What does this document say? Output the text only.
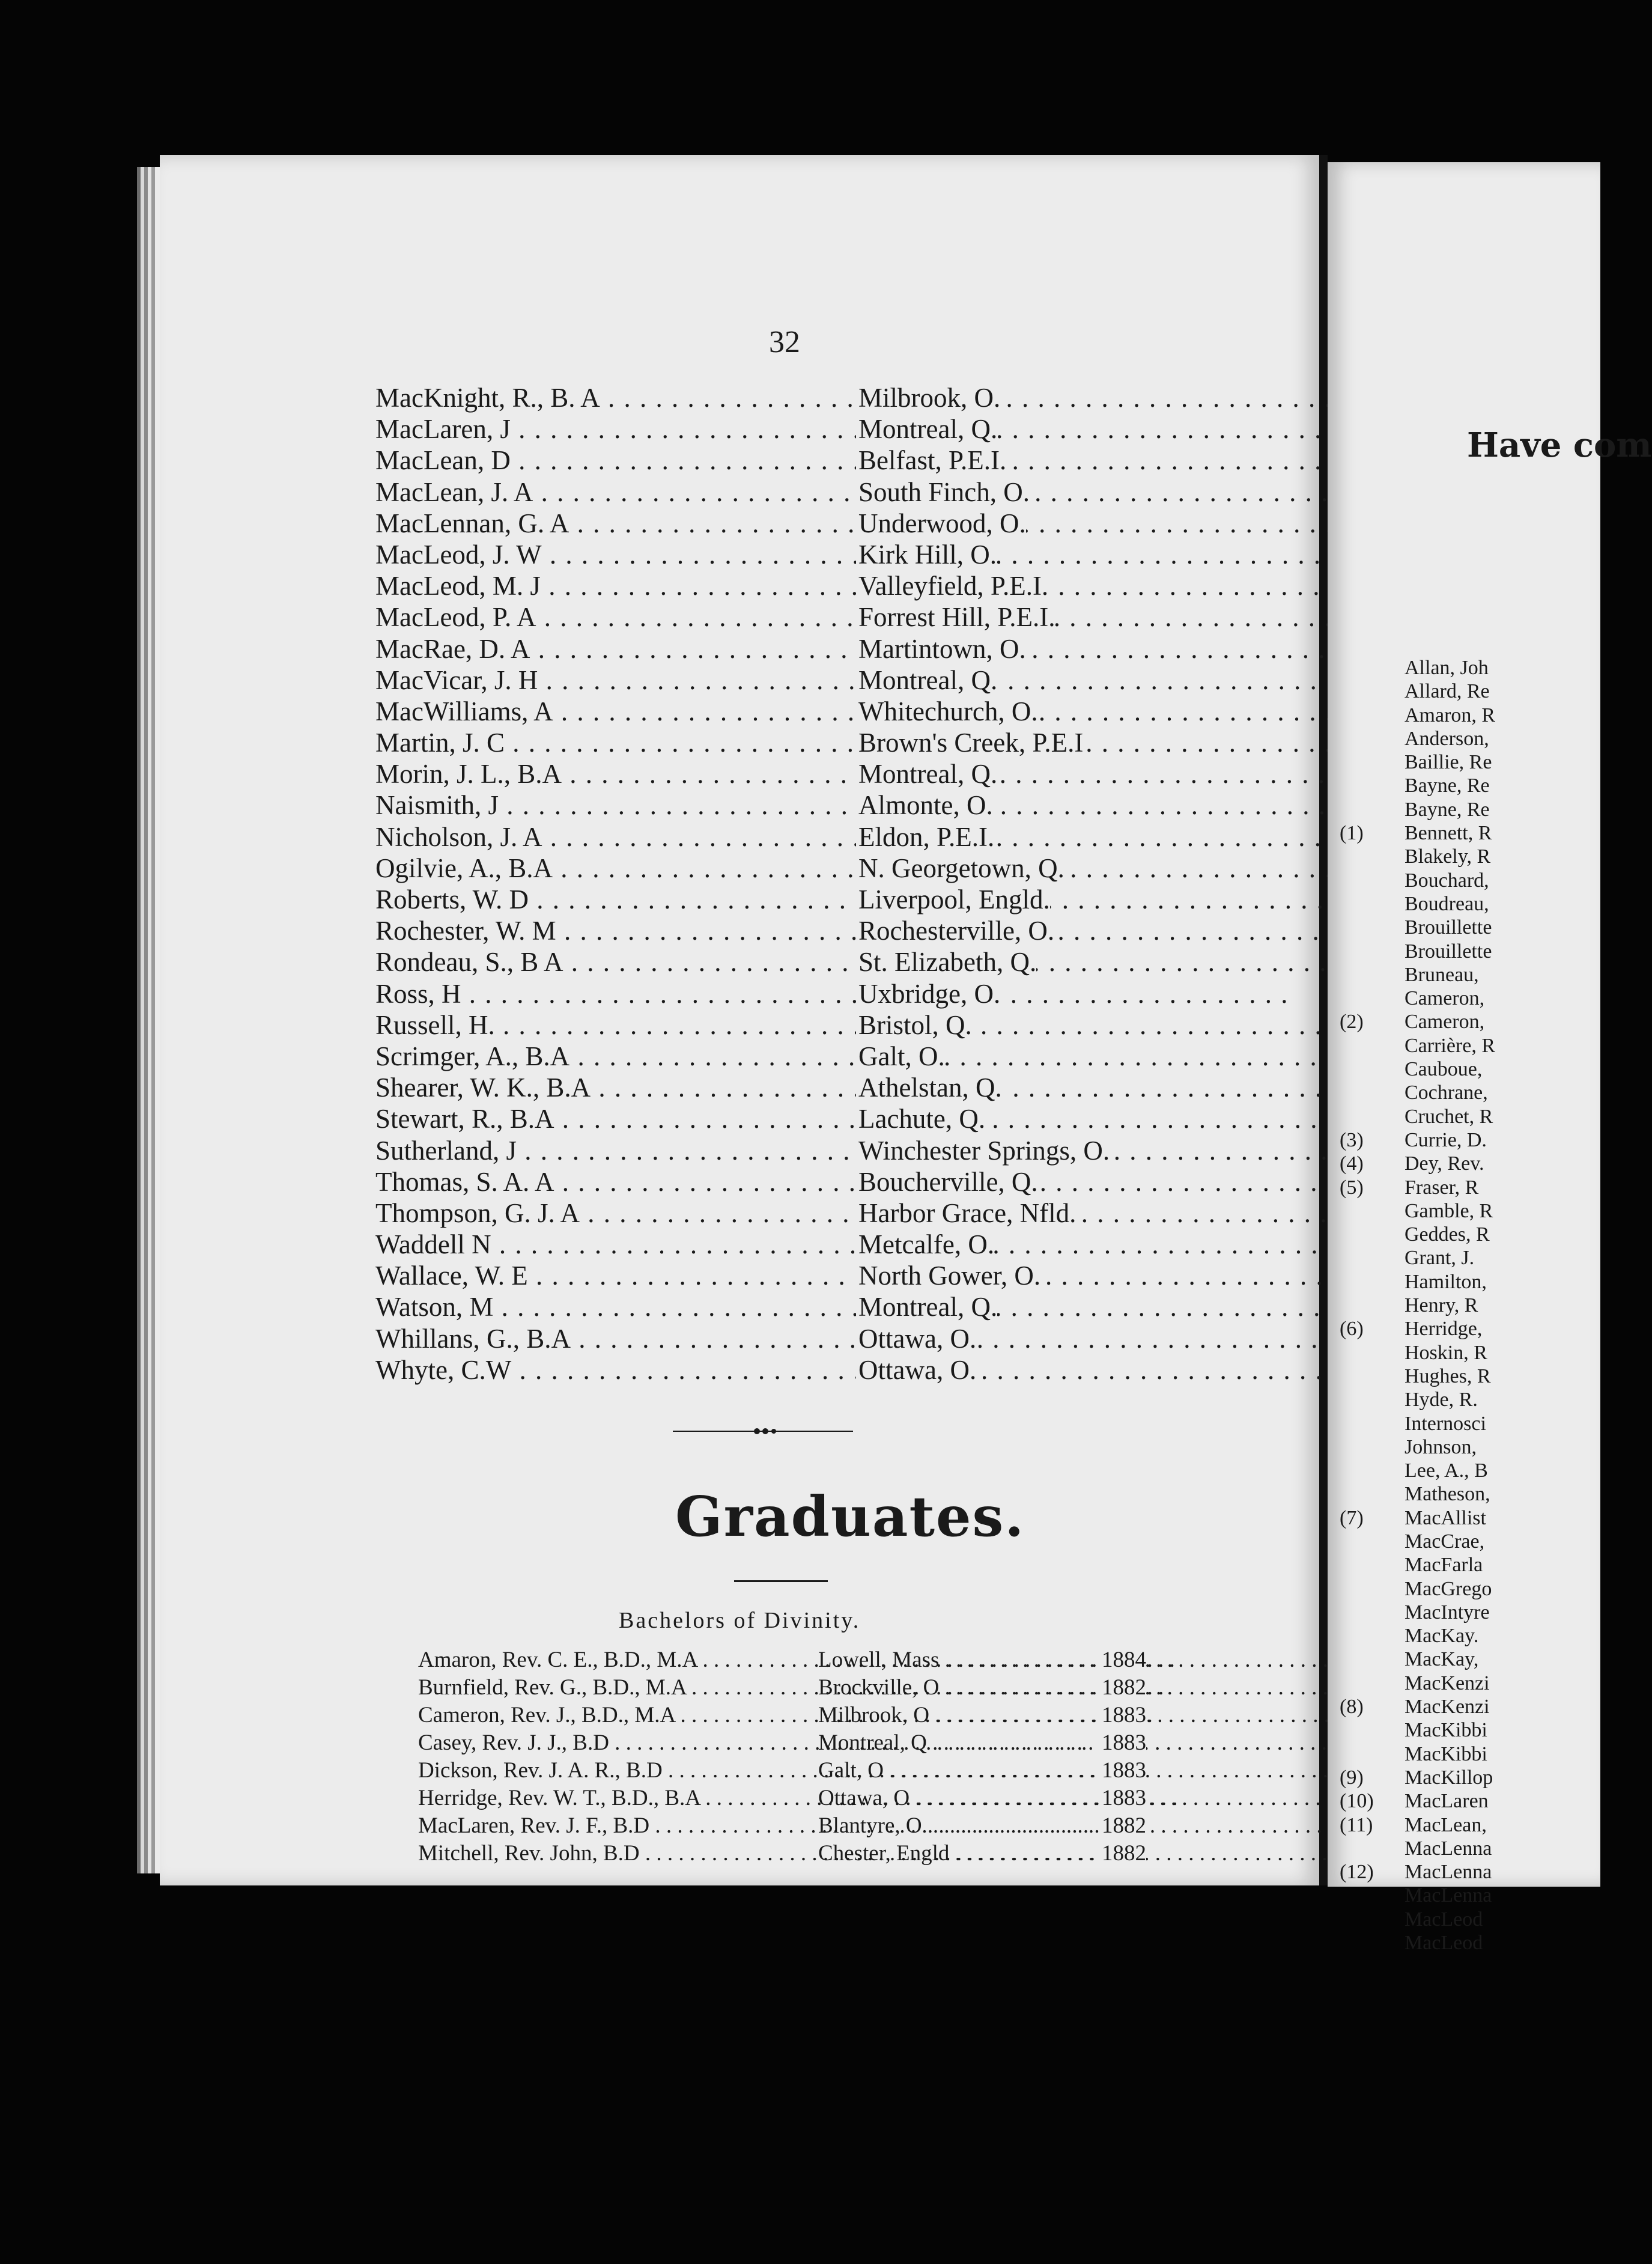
32
MacKnight, R., B. A . . .	Milbrook, O.
MacLaren, J . . .	Montreal, Q.
MacLean, D . . .	Belfast, P.E.I.
MacLean, J. A . . .	South Finch, O.
MacLennan, G. A . . .	Underwood, O.
MacLeod, J. W . . .	Kirk Hill, O.
MacLeod, M. J . . .	Valleyfield, P.E.I.
MacLeod, P. A . . .	Forrest Hill, P.E.I.
MacRae, D. A . . .	Martintown, O.
MacVicar, J. H . . .	Montreal, Q.
MacWilliams, A . . .	Whitechurch, O.
Martin, J. C . . .	Brown's Creek, P.E.I
Morin, J. L., B.A . . .	Montreal, Q.
Naismith, J . . .	Almonte, O.
Nicholson, J. A . . .	Eldon, P.E.I.
Ogilvie, A., B.A . . .	N. Georgetown, Q.
Roberts, W. D . . .	Liverpool, Engld.
Rochester, W. M . . .	Rochesterville, O.
Rondeau, S., B A . . .	St. Elizabeth, Q.
Ross, H . . .	Uxbridge, O.
Russell, H. . . .	Bristol, Q.
Scrimger, A., B.A . . .	Galt, O.
Shearer, W. K., B.A . . .	Athelstan, Q.
Stewart, R., B.A . . .	Lachute, Q.
Sutherland, J . . .	Winchester Springs, O.
Thomas, S. A. A . . .	Boucherville, Q.
Thompson, G. J. A . . .	Harbor Grace, Nfld.
Waddell N . . .	Metcalfe, O.
Wallace, W. E . . .	North Gower, O.
Watson, M . . .	Montreal, Q.
Whillans, G., B.A . . .	Ottawa, O.
Whyte, C.W . . .	Ottawa, O.
Graduates.
Bachelors of Divinity.
Amaron, Rev. C. E., B.D., M.A . . .	Lowell, Mass . . .	1884
Burnfield, Rev. G., B.D., M.A . . .	Brockville, O . . .	1882
Cameron, Rev. J., B.D., M.A . . .	Milbrook, O . . .	1883
Casey, Rev. J. J., B.D . . .	Montreal, Q . . .	1883
Dickson, Rev. J. A. R., B.D . . .	Galt, O . . .	1883
Herridge, Rev. W. T., B.D., B.A . . .	Ottawa, O . . .	1883
MacLaren, Rev. J. F., B.D . . .	Blantyre, O . . .	1882
Mitchell, Rev. John, B.D . . .	Chester, Engld . . .	1882
Have com
Allan, Joh
Allard, Re
Amaron, R
Anderson,
Baillie, Re
Bayne, Re
Bayne, Re
(1)	Bennett, R
Blakely, R
Bouchard,
Boudreau,
Brouillette
Brouillette
Bruneau,
Cameron,
(2)	Cameron,
Carrière, R
Cauboue,
Cochrane,
Cruchet, R
(3)	Currie, D.
(4)	Dey, Rev.
(5)	Fraser, R
Gamble, R
Geddes, R
Grant, J.
Hamilton,
Henry, R
(6)	Herridge,
Hoskin, R
Hughes, R
Hyde, R.
Internosci
Johnson,
Lee, A., B
Matheson,
(7)	MacAllist
MacCrae,
MacFarla
MacGrego
MacIntyre
MacKay.
MacKay,
MacKenzi
(8)	MacKenzi
MacKibbi
MacKibbi
(9)	MacKillop
(10)	MacLaren
(11)	MacLean,
MacLenna
(12)	MacLenna
MacLenna
MacLeod
MacLeod
